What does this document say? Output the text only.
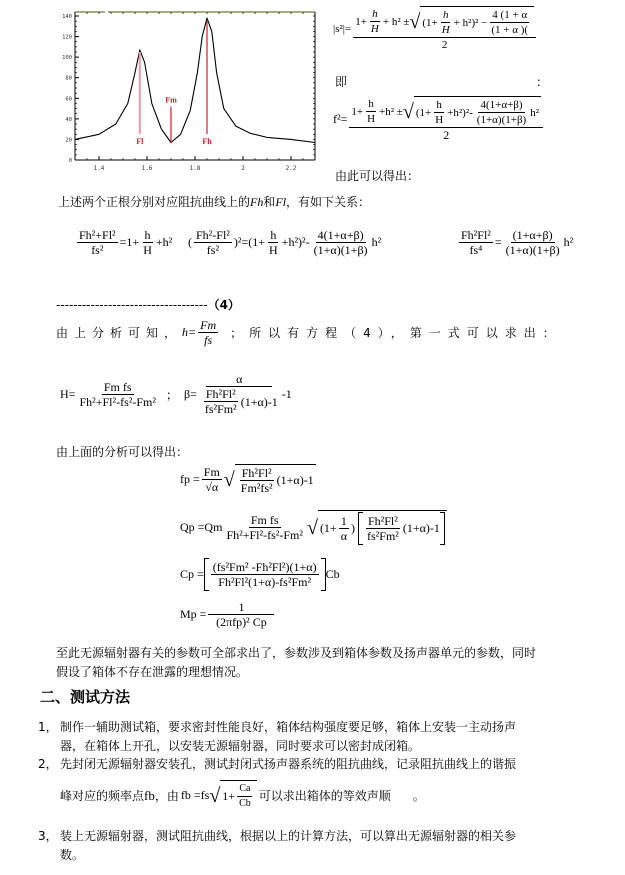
1.4	1.6	1.8	2	2.2
0
20
40
60
80
100
120
140
Fl
Fm
Fh
|s²|=
$1+ \frac{h}{H} + h^2$ ± √ $(1+ \frac{h}{H} + h^2)^2 - \frac{4 (1 + \alpha}{(1 + \alpha )(}$
2
即	：
$f^2= 1+ \frac{h}{H} +h^2$ ± √ $(1+ \frac{h}{H} +h^2)^2- \frac{4(1+\alpha+\beta)}{(1+\alpha)(1+\beta)} h^2$
2
由此可以得出：
上述两个正根分别对应阻抗曲线上的Fh和Fl，有如下关系：
$\frac{\text{Fh²+Fl²}}{\text{fs²}} =1+ \frac{h}{H} +h^2$ ( $\frac{\text{Fh²-Fl²}}{\text{fs²}} )^2=(1+ \frac{h}{H} +h^2)^2- \frac{4(1+\alpha+\beta)}{(1+\alpha)(1+\beta)} h^2$	$\frac{\text{Fh²Fl²}}{\text{fs⁴}} = \frac{(1+\alpha+\beta)}{(1+\alpha)(1+\beta)} h^2$
-----------------------------------（4）
由上分析可知， $h= \frac{Fm}{fs}$ ；所以有方程（4），第一式可以求出：
$H= \frac{\text{Fm fs}}{\text{Fh²+Fl²-fs²-Fm²}}$ ； $\beta= \frac{\alpha}{\frac{\text{Fh²Fl²}}{\text{fs²Fm²}} (1+\alpha)-1} -1$
由上面的分析可以得出：
fp = $\frac{Fm}{√\alpha}$ √ $\frac{\text{Fh²Fl²}}{\text{Fm²fs²}} (1+\alpha)-1$
$Qp =Qm \frac{\text{Fm fs}}{\text{Fh²+Fl²-fs²-Fm²}}$ √ ($1+ \frac{1}{\alpha}$ ) $\frac{\text{Fh²Fl²}}{\text{fs²Fm²}} (1+\alpha)-1$
$Cp = \frac{\text{(fs²Fm² -Fh²Fl²)(1+α)}}{\text{Fh²Fl²(1+α)-fs²Fm²}}$ Cb
$Mp = \frac{1}{\text{(2πfp)² Cp}}$
至此无源辐射器有关的参数可全部求出了，参数涉及到箱体参数及扬声器单元的参数，同时
假设了箱体不存在泄露的理想情况。
二、测试方法
1， 制作一辅助测试箱，要求密封性能良好，箱体结构强度要足够，箱体上安装一主动扬声
器，在箱体上开孔，以安装无源辐射器，同时要求可以密封成闭箱。
2， 先封闭无源辐射器安装孔，测试封闭式扬声器系统的阻抗曲线，记录阻抗曲线上的谐振
峰对应的频率点 fb ，由 fb =fs √ $1+ \frac{Ca}{Cb}$ 可以求出箱体的等效声顺 。
3， 装上无源辐射器，测试阻抗曲线，根据以上的计算方法，可以算出无源辐射器的相关参
数。
